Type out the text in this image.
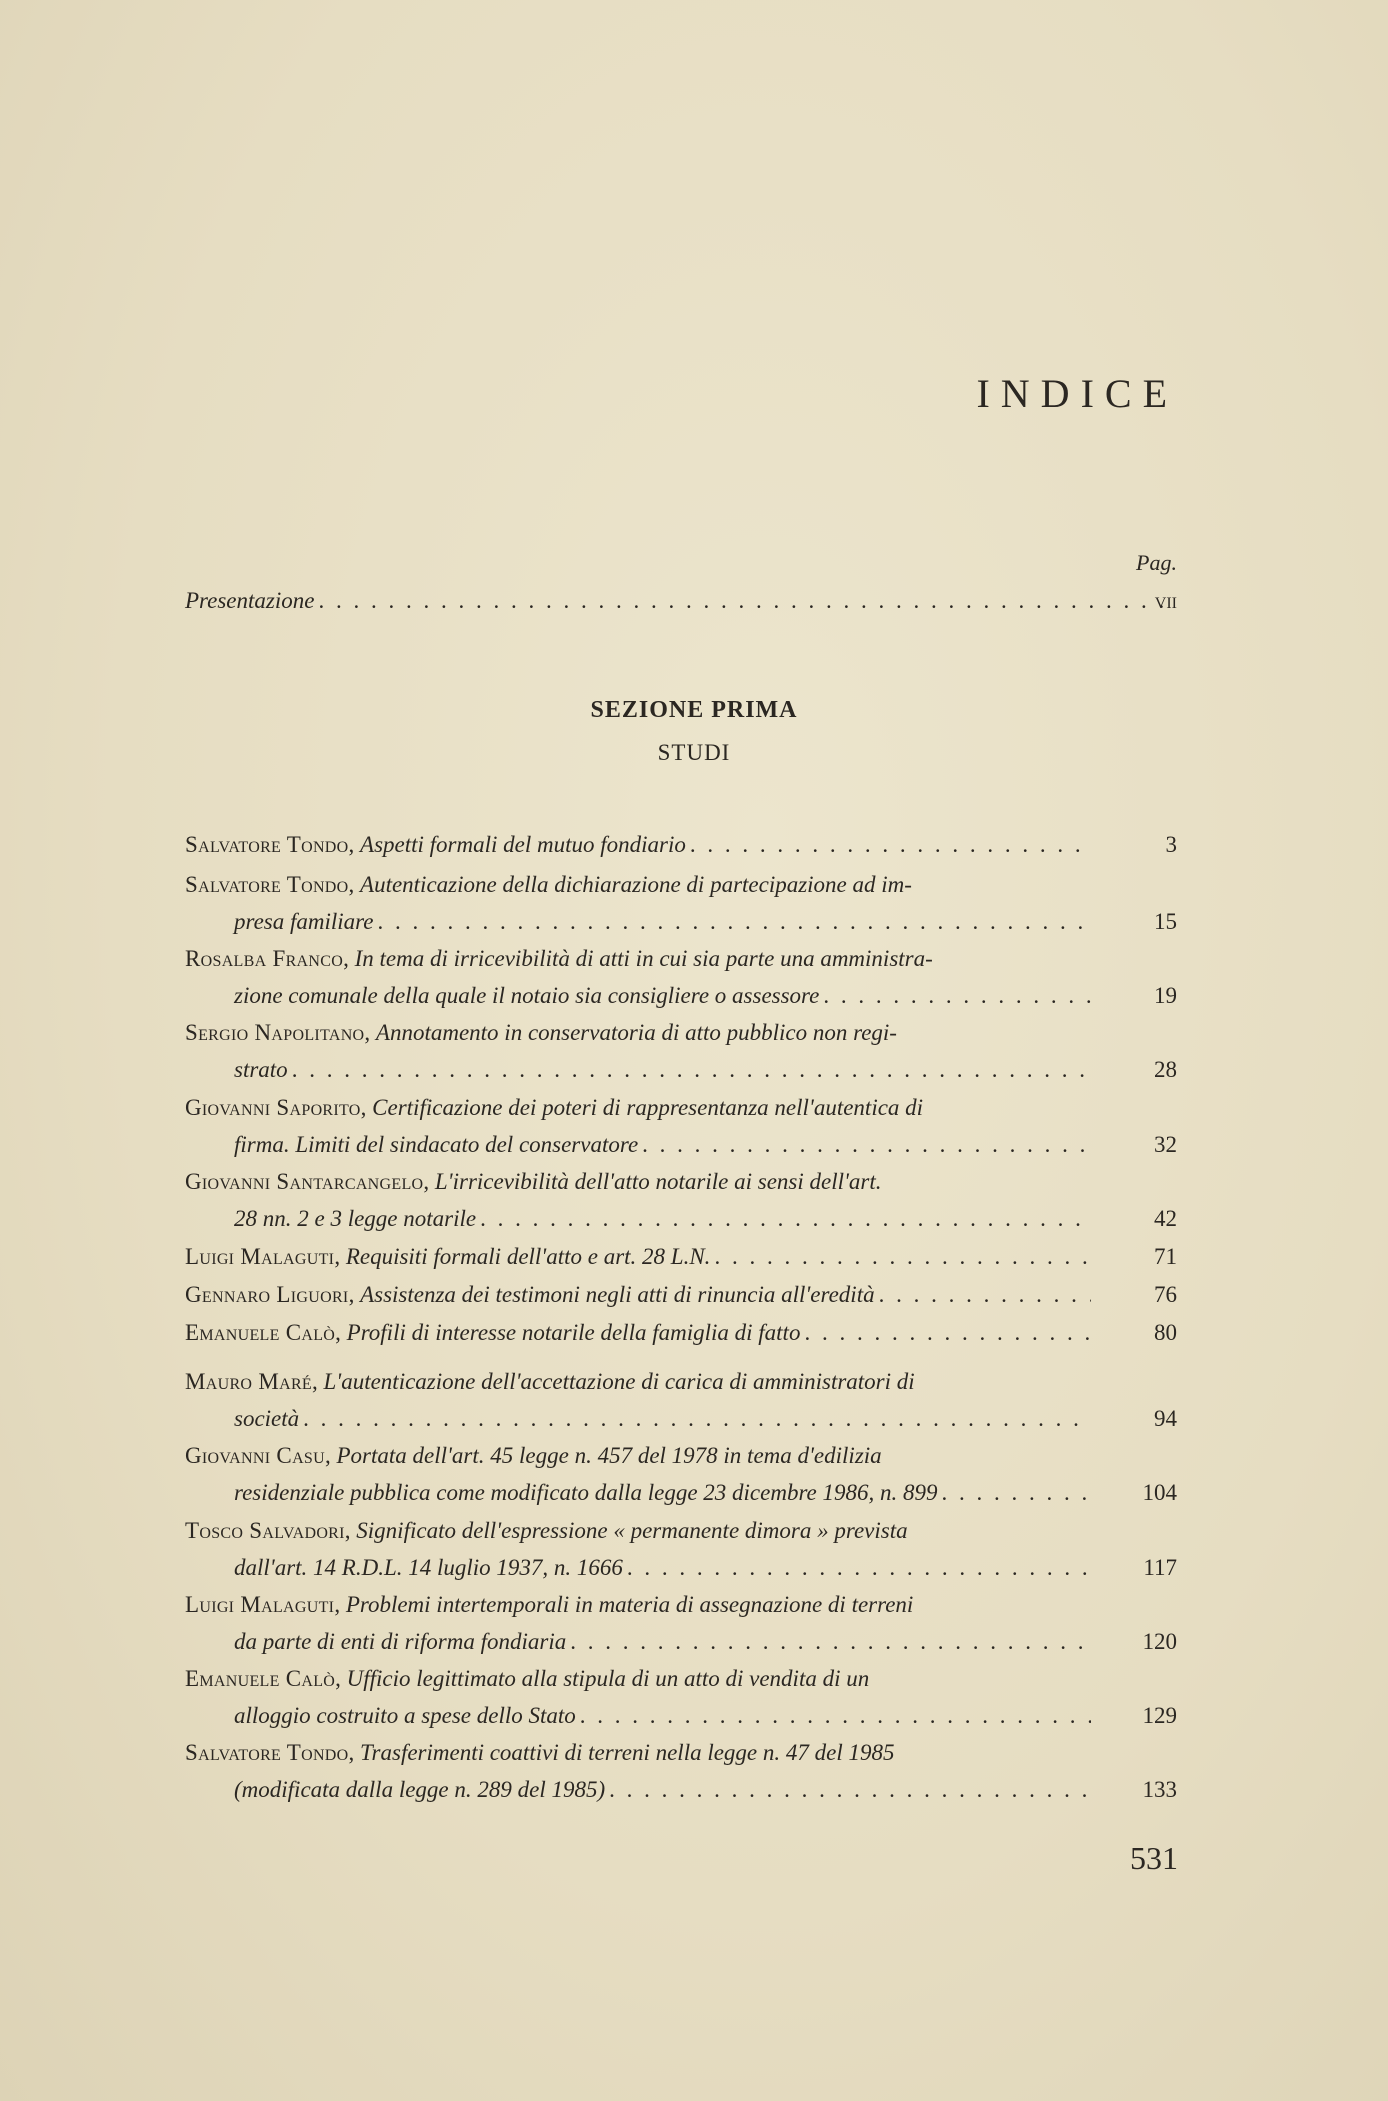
INDICE
Pag.
Presentazione . . .	vii
SEZIONE PRIMA
STUDI
Salvatore Tondo, Aspetti formali del mutuo fondiario . . .	3
Salvatore Tondo, Autenticazione della dichiarazione di partecipazione ad im-
presa familiare . . .	15
Rosalba Franco, In tema di irricevibilità di atti in cui sia parte una amministra-
zione comunale della quale il notaio sia consigliere o assessore . . .	19
Sergio Napolitano, Annotamento in conservatoria di atto pubblico non regi-
strato . . .	28
Giovanni Saporito, Certificazione dei poteri di rappresentanza nell'autentica di
firma. Limiti del sindacato del conservatore . . .	32
Giovanni Santarcangelo, L'irricevibilità dell'atto notarile ai sensi dell'art.
28 nn. 2 e 3 legge notarile . . .	42
Luigi Malaguti, Requisiti formali dell'atto e art. 28 L.N. . . .	71
Gennaro Liguori, Assistenza dei testimoni negli atti di rinuncia all'eredità . . .	76
Emanuele Calò, Profili di interesse notarile della famiglia di fatto . . .	80
Mauro Maré, L'autenticazione dell'accettazione di carica di amministratori di
società . . .	94
Giovanni Casu, Portata dell'art. 45 legge n. 457 del 1978 in tema d'edilizia
residenziale pubblica come modificato dalla legge 23 dicembre 1986, n. 899 . . .	104
Tosco Salvadori, Significato dell'espressione « permanente dimora » prevista
dall'art. 14 R.D.L. 14 luglio 1937, n. 1666 . . .	117
Luigi Malaguti, Problemi intertemporali in materia di assegnazione di terreni
da parte di enti di riforma fondiaria . . .	120
Emanuele Calò, Ufficio legittimato alla stipula di un atto di vendita di un
alloggio costruito a spese dello Stato . . .	129
Salvatore Tondo, Trasferimenti coattivi di terreni nella legge n. 47 del 1985
(modificata dalla legge n. 289 del 1985) . . .	133
531
